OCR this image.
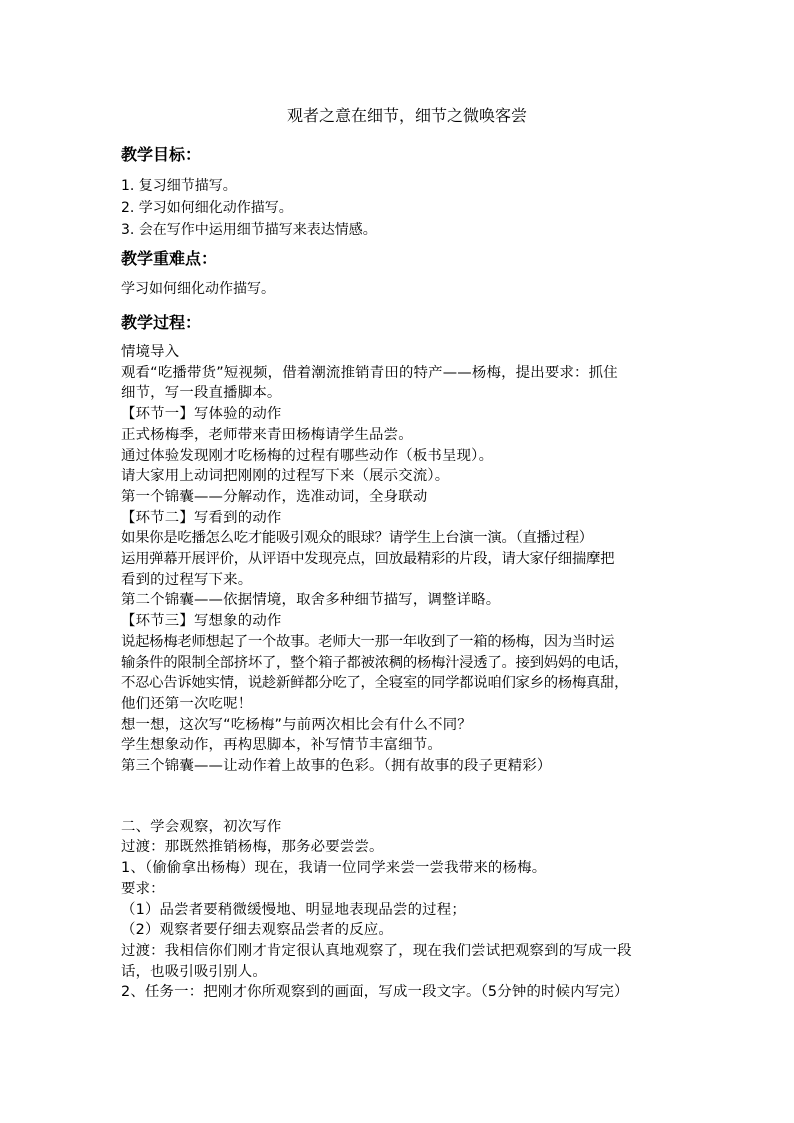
观者之意在细节，细节之微唤客尝
教学目标：
1. 复习细节描写。
2. 学习如何细化动作描写。
3. 会在写作中运用细节描写来表达情感。
教学重难点：

学习如何细化动作描写。

教学过程：

情境导入

观看“吃播带货”短视频，借着潮流推销青田的特产——杨梅，提出要求：抓住

细节，写一段直播脚本。

【环节一】写体验的动作

正式杨梅季，老师带来青田杨梅请学生品尝。

通过体验发现刚才吃杨梅的过程有哪些动作（板书呈现）。

请大家用上动词把刚刚的过程写下来（展示交流）。

第一个锦囊——分解动作，选准动词，全身联动

【环节二】写看到的动作

如果你是吃播怎么吃才能吸引观众的眼球？请学生上台演一演。（直播过程）

运用弹幕开展评价，从评语中发现亮点，回放最精彩的片段，请大家仔细揣摩把

看到的过程写下来。

第二个锦囊——依据情境，取舍多种细节描写，调整详略。

【环节三】写想象的动作

说起杨梅老师想起了一个故事。老师大一那一年收到了一箱的杨梅，因为当时运

输条件的限制全部挤坏了，整个箱子都被浓稠的杨梅汁浸透了。接到妈妈的电话，

不忍心告诉她实情，说趁新鲜都分吃了，全寝室的同学都说咱们家乡的杨梅真甜，

他们还第一次吃呢！

想一想，这次写“吃杨梅”与前两次相比会有什么不同？

学生想象动作，再构思脚本，补写情节丰富细节。

第三个锦囊——让动作着上故事的色彩。（拥有故事的段子更精彩）

二、学会观察，初次写作

过渡：那既然推销杨梅，那务必要尝尝。

1、（偷偷拿出杨梅）现在，我请一位同学来尝一尝我带来的杨梅。

要求：

（1）品尝者要稍微缓慢地、明显地表现品尝的过程；

（2）观察者要仔细去观察品尝者的反应。

过渡：我相信你们刚才肯定很认真地观察了，现在我们尝试把观察到的写成一段

话，也吸引吸引别人。

2、任务一：把刚才你所观察到的画面，写成一段文字。（5分钟的时候内写完）
